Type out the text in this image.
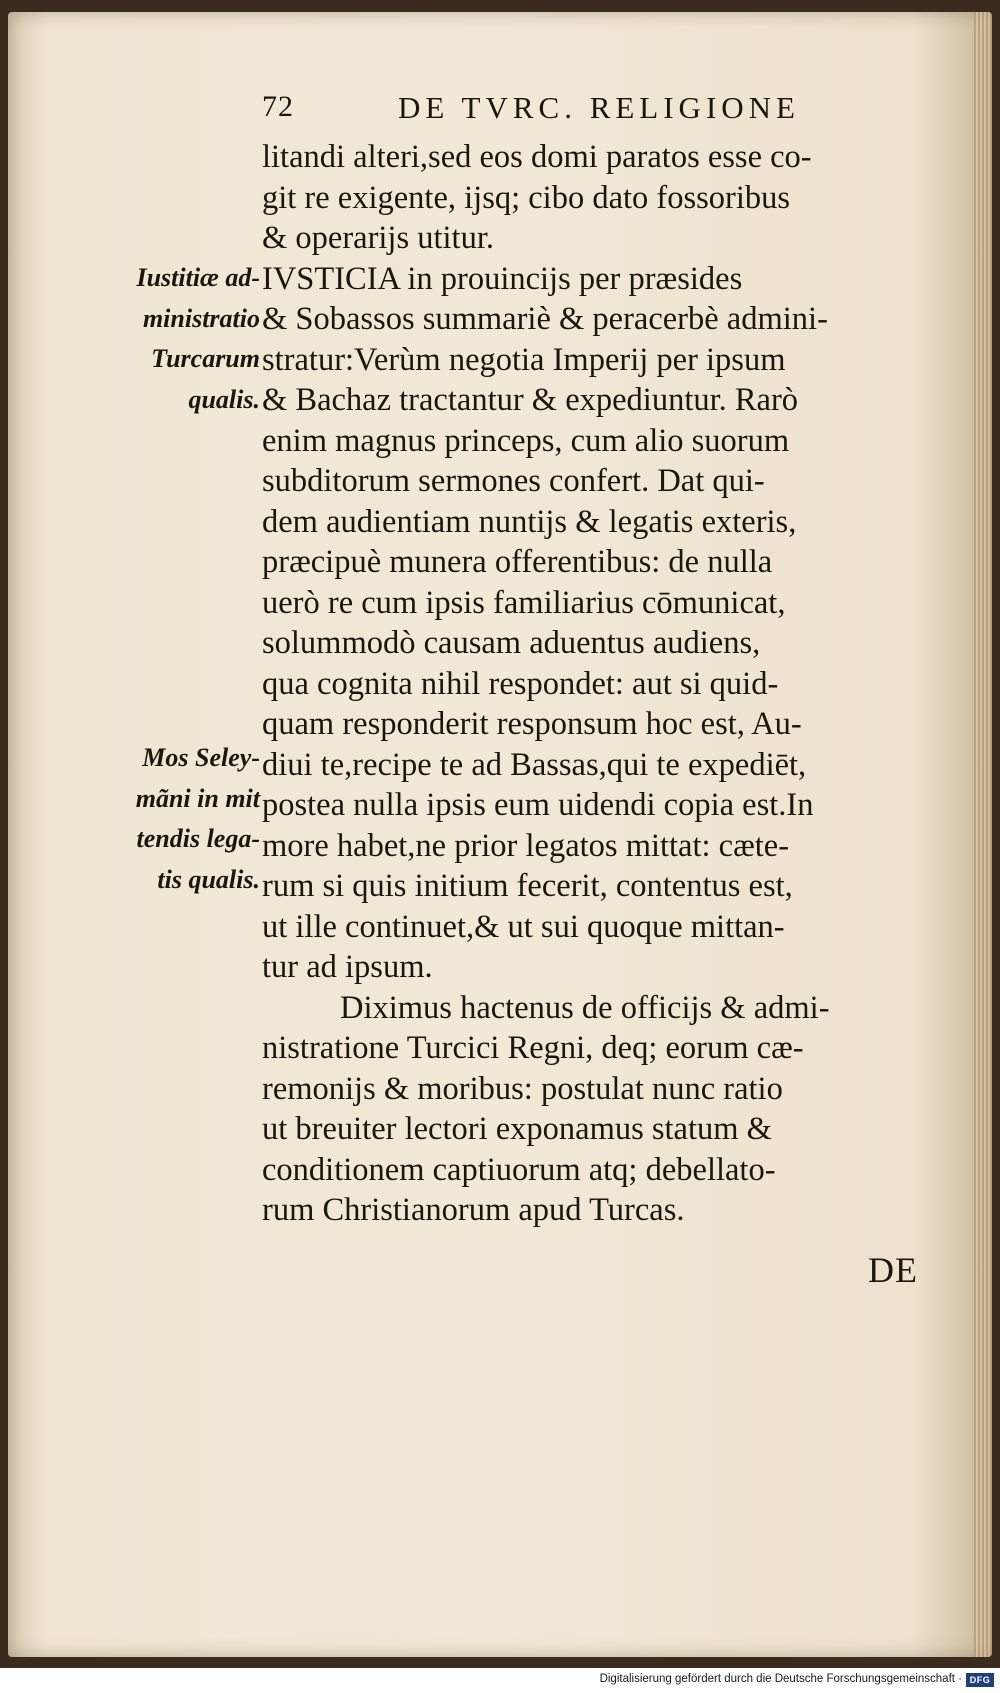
72	DE TVRC. RELIGIONE
Iustitiæ ad-
ministratio
Turcarum
qualis.
Mos Seley-
mãni in mit
tendis lega-
tis qualis.
litandi alteri,sed eos domi paratos esse co-
git re exigente, ijsq; cibo dato fossoribus
& operarijs utitur.
IVSTICIA in prouincijs per præsides
& Sobassos summariè & peracerbè admini-
stratur:Verùm negotia Imperij per ipsum
& Bachaz tractantur & expediuntur. Rarò
enim magnus princeps, cum alio suorum
subditorum sermones confert. Dat qui-
dem audientiam nuntijs & legatis exteris,
præcipuè munera offerentibus: de nulla
uerò re cum ipsis familiarius cōmunicat,
solummodò causam aduentus audiens,
qua cognita nihil respondet: aut si quid-
quam responderit responsum hoc est, Au-
diui te,recipe te ad Bassas,qui te expediēt,
postea nulla ipsis eum uidendi copia est.In
more habet,ne prior legatos mittat: cæte-
rum si quis initium fecerit, contentus est,
ut ille continuet,& ut sui quoque mittan-
tur ad ipsum.
Diximus hactenus de officijs & admi-
nistratione Turcici Regni, deq; eorum cæ-
remonijs & moribus: postulat nunc ratio
ut breuiter lectori exponamus statum &
conditionem captiuorum atq; debellato-
rum Christianorum apud Turcas.
DE
Digitalisierung gefördert durch die Deutsche Forschungsgemeinschaft · DFG
